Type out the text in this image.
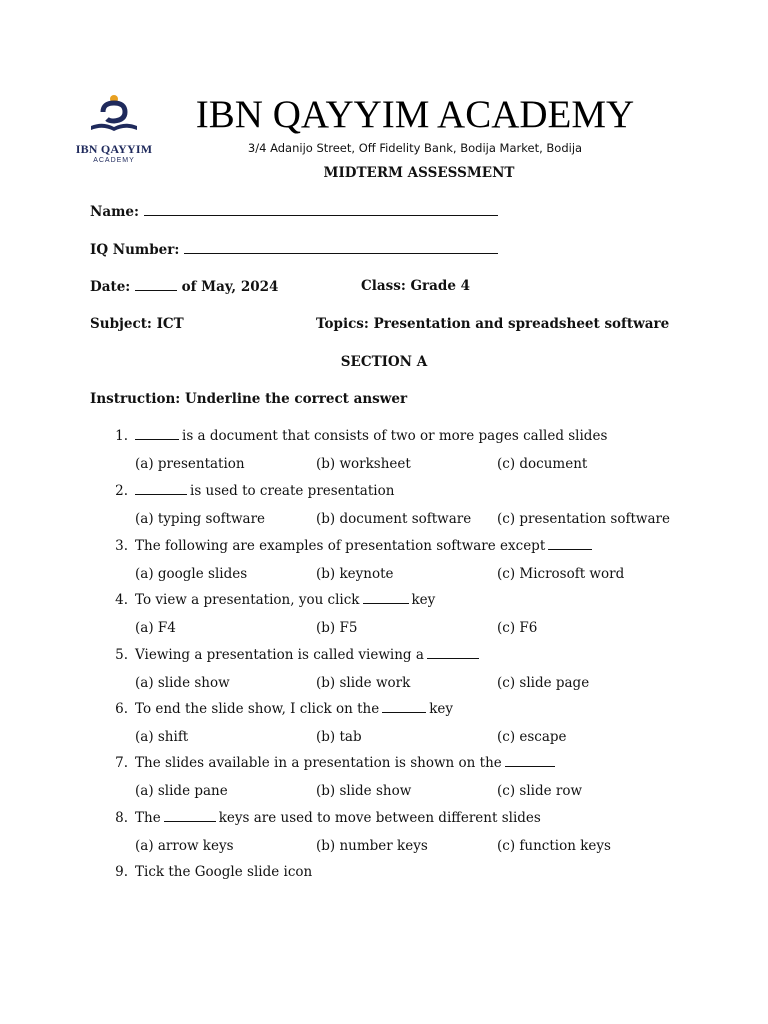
IBN QAYYIM
ACADEMY
IBN QAYYIM ACADEMY
3/4 Adanijo Street, Off Fidelity Bank, Bodija Market, Bodija
MIDTERM ASSESSMENT
Name:
IQ Number:
Date:	of May, 2024	Class: Grade 4
Subject: ICT	Topics: Presentation and spreadsheet software
SECTION A
Instruction: Underline the correct answer
1.	is a document that consists of two or more pages called slides
(a) presentation	(b) worksheet	(c) document
2.	is used to create presentation
(a) typing software	(b) document software (c) presentation software
3. The following are examples of presentation software except
(a) google slides	(b) keynote	(c) Microsoft word
4. To view a presentation, you click	key
(a) F4	(b) F5	(c) F6
5. Viewing a presentation is called viewing a
(a) slide show	(b) slide work	(c) slide page
6. To end the slide show, I click on the	key
(a) shift	(b) tab	(c) escape
7. The slides available in a presentation is shown on the
(a) slide pane	(b) slide show	(c) slide row
8. The	keys are used to move between different slides
(a) arrow keys	(b) number keys	(c) function keys
9. Tick the Google slide icon
